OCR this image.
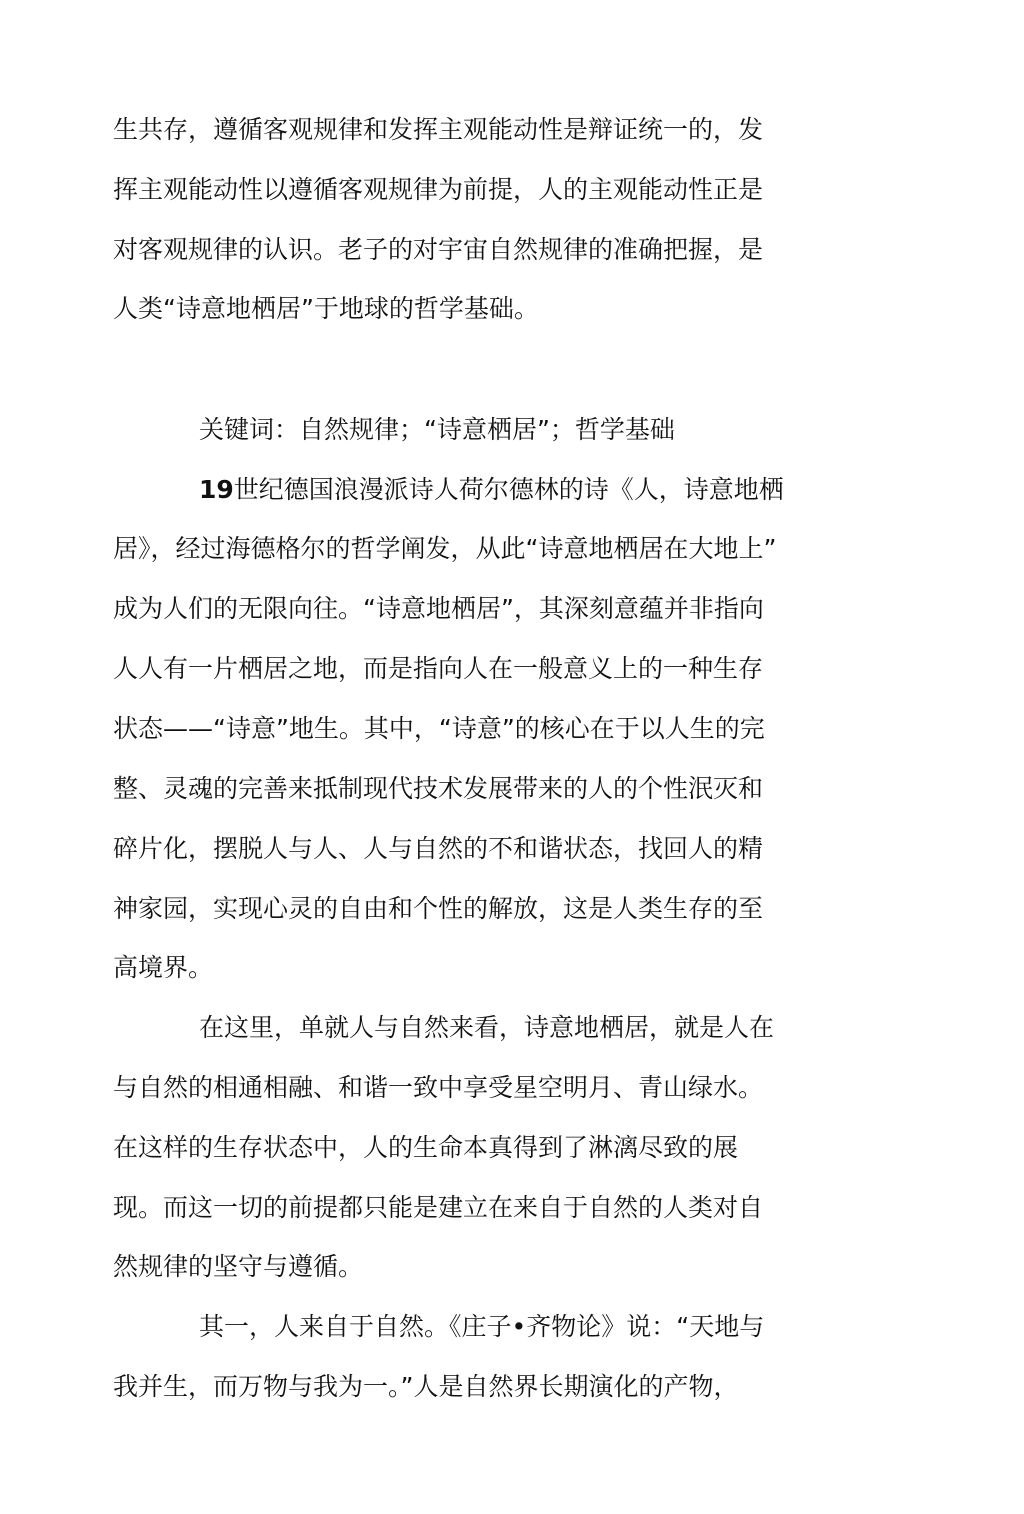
生共存，遵循客观规律和发挥主观能动性是辩证统一的，发

挥主观能动性以遵循客观规律为前提，人的主观能动性正是

对客观规律的认识。老子的对宇宙自然规律的准确把握，是

人类“诗意地栖居”于地球的哲学基础。

关键词：自然规律；“诗意栖居”；哲学基础

19世纪德国浪漫派诗人荷尔德林的诗《人，诗意地栖

居》，经过海德格尔的哲学阐发，从此“诗意地栖居在大地上”

成为人们的无限向往。“诗意地栖居”，其深刻意蕴并非指向

人人有一片栖居之地，而是指向人在一般意义上的一种生存

状态——“诗意”地生。其中，“诗意”的核心在于以人生的完

整、灵魂的完善来抵制现代技术发展带来的人的个性泯灭和

碎片化，摆脱人与人、人与自然的不和谐状态，找回人的精

神家园，实现心灵的自由和个性的解放，这是人类生存的至

高境界。

在这里，单就人与自然来看，诗意地栖居，就是人在

与自然的相通相融、和谐一致中享受星空明月、青山绿水。

在这样的生存状态中，人的生命本真得到了淋漓尽致的展

现。而这一切的前提都只能是建立在来自于自然的人类对自

然规律的坚守与遵循。

其一，人来自于自然。《庄子•齐物论》说：“天地与

我并生，而万物与我为一。”人是自然界长期演化的产物，
